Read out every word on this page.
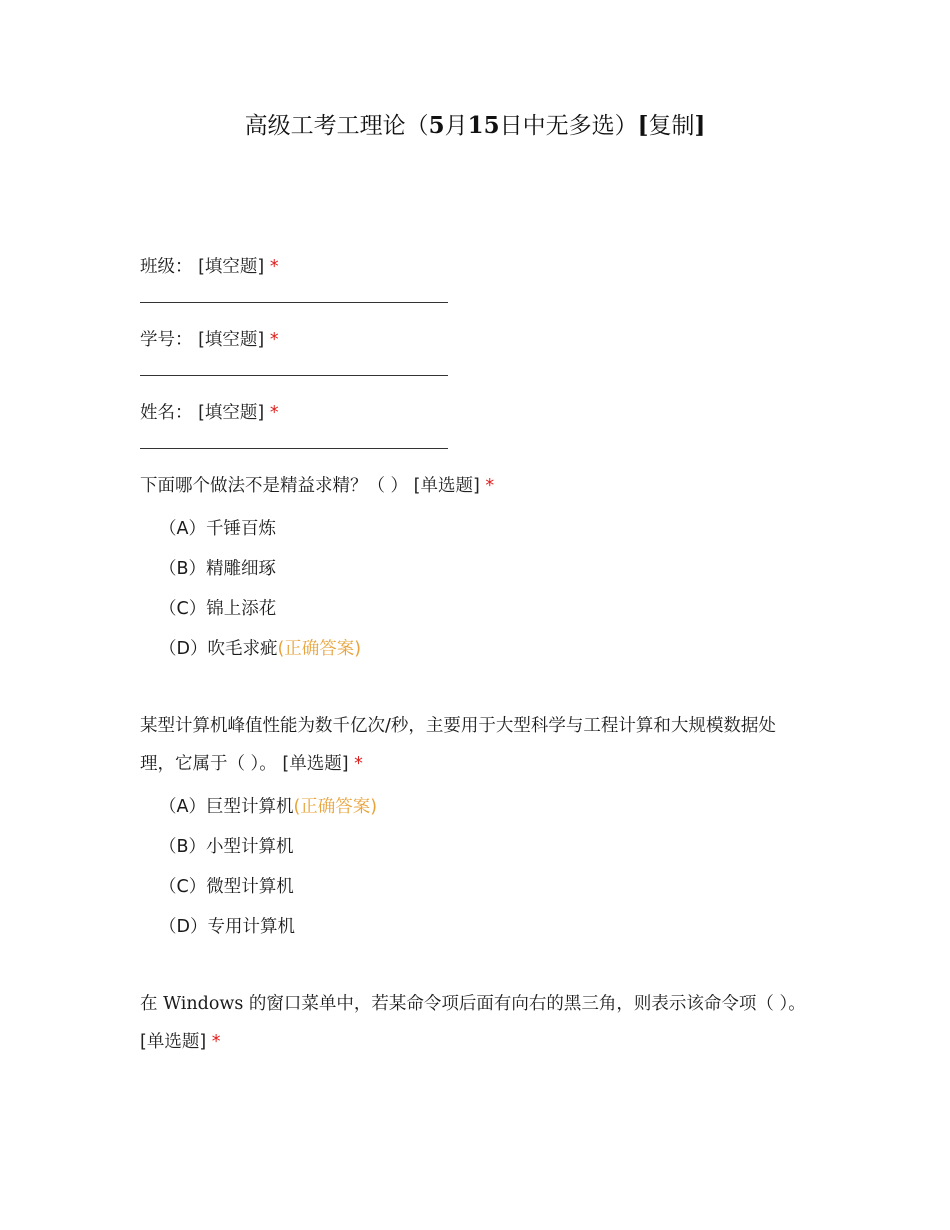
高级工考工理论（5月15日中无多选）[复制]
班级： [填空题] *
学号： [填空题] *
姓名： [填空题] *
下面哪个做法不是精益求精？（ ） [单选题] *
（A）千锤百炼
（B）精雕细琢
（C）锦上添花
（D）吹毛求疵(正确答案)
某型计算机峰值性能为数千亿次/秒，主要用于大型科学与工程计算和大规模数据处理，它属于（ ）。 [单选题] *
（A）巨型计算机(正确答案)
（B）小型计算机
（C）微型计算机
（D）专用计算机
在 Windows 的窗口菜单中，若某命令项后面有向右的黑三角，则表示该命令项（ ）。 [单选题] *
